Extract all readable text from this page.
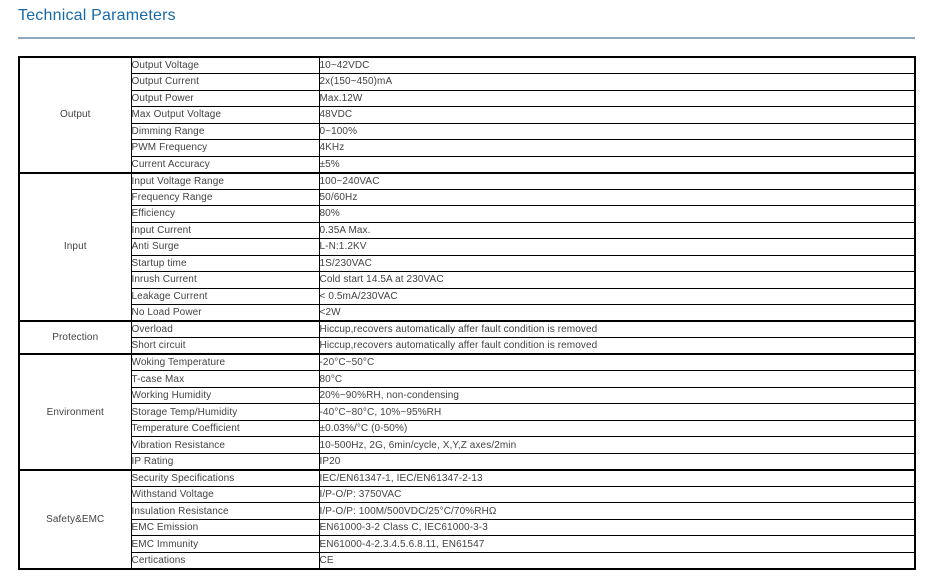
Technical Parameters
Output	Output Voltage	10~42VDC
	Output Current	2x(150~450)mA
	Output Power	Max.12W
	Max Output Voltage	48VDC
	Dimming Range	0~100%
	PWM Frequency	4KHz
	Current Accuracy	±5%
Input	Input Voltage Range	100~240VAC
	Frequency Range	50/60Hz
	Efficiency	80%
	Input Current	0.35A Max.
	Anti Surge	L-N:1.2KV
	Startup time	1S/230VAC
	Inrush Current	Cold start 14.5A at 230VAC
	Leakage Current	< 0.5mA/230VAC
	No Load Power	<2W
Protection	Overload	Hiccup,recovers automatically affer fault condition is removed
	Short circuit	Hiccup,recovers automatically affer fault condition is removed
Environment	Woking Temperature	-20°C~50°C
	T-case Max	80°C
	Working Humidity	20%~90%RH, non-condensing
	Storage Temp/Humidity	-40°C~80°C, 10%~95%RH
	Temperature Coefficient	±0.03%/°C (0-50%)
	Vibration Resistance	10-500Hz, 2G, 6min/cycle, X,Y,Z axes/2min
	IP Rating	IP20
Safety&EMC	Security Specifications	IEC/EN61347-1, IEC/EN61347-2-13
	Withstand Voltage	I/P-O/P: 3750VAC
	Insulation Resistance	I/P-O/P: 100M/500VDC/25°C/70%RHΩ
	EMC Emission	EN61000-3-2 Class C, IEC61000-3-3
	EMC Immunity	EN61000-4-2.3.4.5.6.8.11, EN61547
	Certications	CE
